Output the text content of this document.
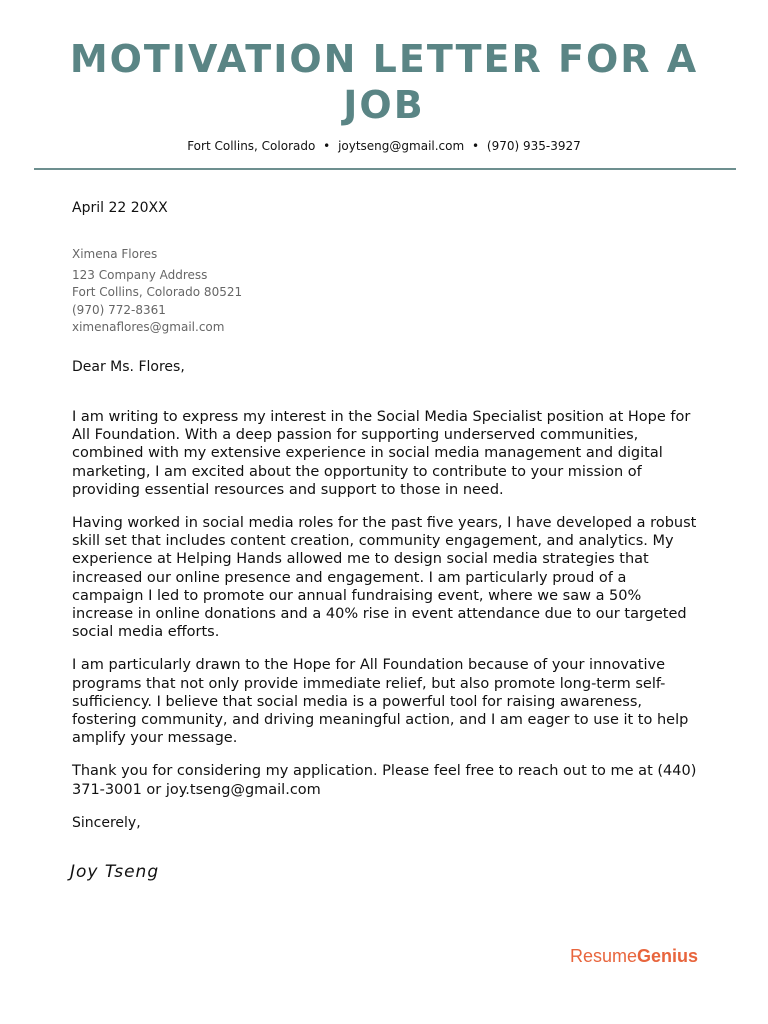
MOTIVATION LETTER FOR A JOB
Fort Collins, Colorado • joytseng@gmail.com • (970) 935-3927
April 22 20XX
Ximena Flores
123 Company Address
Fort Collins, Colorado 80521
(970) 772-8361
ximenaflores@gmail.com
Dear Ms. Flores,

I am writing to express my interest in the Social Media Specialist position at Hope for All Foundation. With a deep passion for supporting underserved communities, combined with my extensive experience in social media management and digital marketing, I am excited about the opportunity to contribute to your mission of providing essential resources and support to those in need.

Having worked in social media roles for the past five years, I have developed a robust skill set that includes content creation, community engagement, and analytics. My experience at Helping Hands allowed me to design social media strategies that increased our online presence and engagement. I am particularly proud of a campaign I led to promote our annual fundraising event, where we saw a 50% increase in online donations and a 40% rise in event attendance due to our targeted social media efforts.

I am particularly drawn to the Hope for All Foundation because of your innovative programs that not only provide immediate relief, but also promote long-term self-sufficiency. I believe that social media is a powerful tool for raising awareness, fostering community, and driving meaningful action, and I am eager to use it to help amplify your message.

Thank you for considering my application. Please feel free to reach out to me at (440) 371-3001 or joy.tseng@gmail.com

Sincerely,
Joy Tseng
ResumeGenius
